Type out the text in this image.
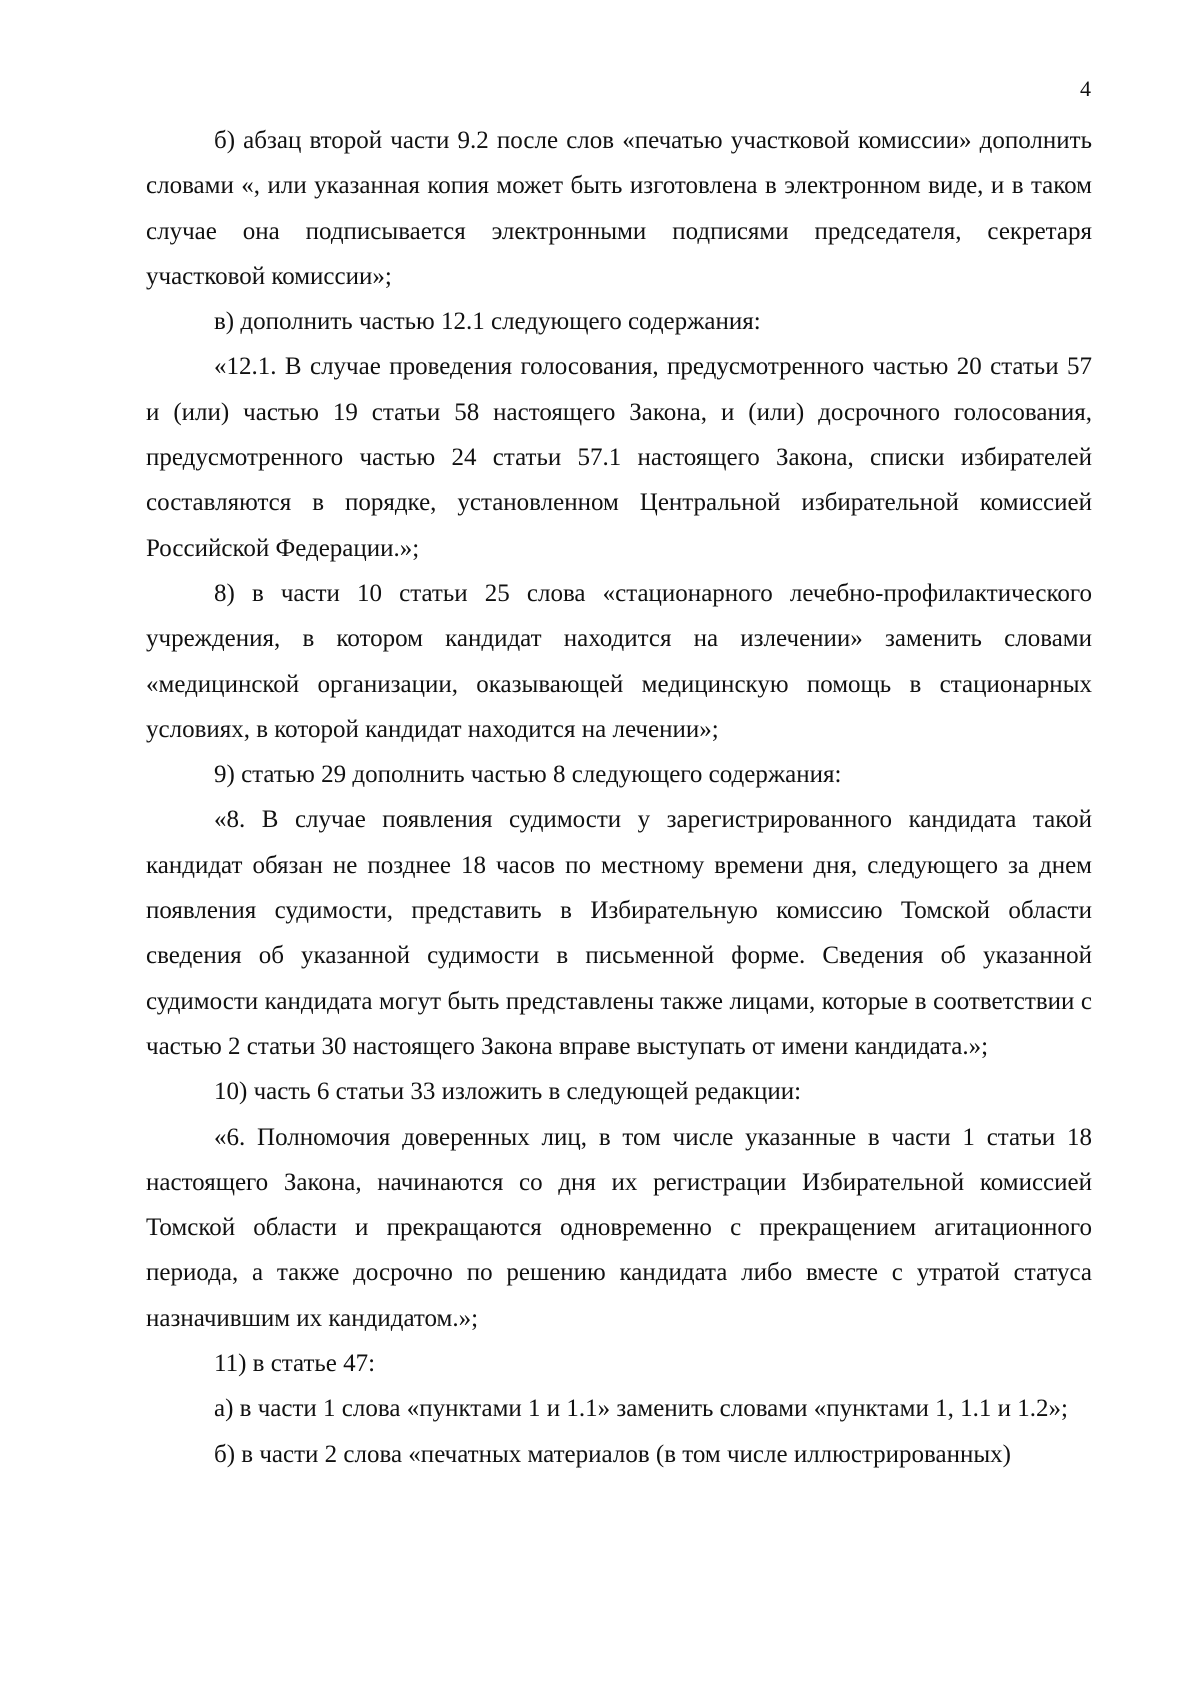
4

б) абзац второй части 9.2 после слов «печатью участковой комиссии» дополнить словами «, или указанная копия может быть изготовлена в электронном виде, и в таком случае она подписывается электронными подписями председателя, секретаря участковой комиссии»;

в) дополнить частью 12.1 следующего содержания:

«12.1. В случае проведения голосования, предусмотренного частью 20 статьи 57 и (или) частью 19 статьи 58 настоящего Закона, и (или) досрочного голосования, предусмотренного частью 24 статьи 57.1 настоящего Закона, списки избирателей составляются в порядке, установленном Центральной избирательной комиссией Российской Федерации.»;

8) в части 10 статьи 25 слова «стационарного лечебно-профилактического учреждения, в котором кандидат находится на излечении» заменить словами «медицинской организации, оказывающей медицинскую помощь в стационарных условиях, в которой кандидат находится на лечении»;

9) статью 29 дополнить частью 8 следующего содержания:

«8. В случае появления судимости у зарегистрированного кандидата такой кандидат обязан не позднее 18 часов по местному времени дня, следующего за днем появления судимости, представить в Избирательную комиссию Томской области сведения об указанной судимости в письменной форме. Сведения об указанной судимости кандидата могут быть представлены также лицами, которые в соответствии с частью 2 статьи 30 настоящего Закона вправе выступать от имени кандидата.»;

10) часть 6 статьи 33 изложить в следующей редакции:

«6. Полномочия доверенных лиц, в том числе указанные в части 1 статьи 18 настоящего Закона, начинаются со дня их регистрации Избирательной комиссией Томской области и прекращаются одновременно с прекращением агитационного периода, а также досрочно по решению кандидата либо вместе с утратой статуса назначившим их кандидатом.»;

11) в статье 47:

а) в части 1 слова «пунктами 1 и 1.1» заменить словами «пунктами 1, 1.1 и 1.2»;

б) в части 2 слова «печатных материалов (в том числе иллюстрированных)
